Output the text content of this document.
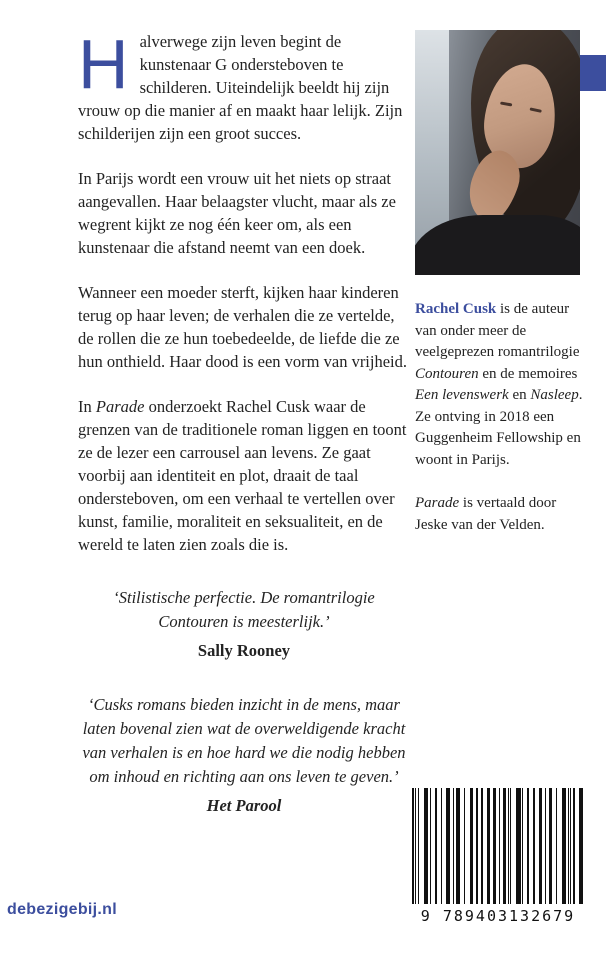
Halverwege zijn leven begint de kunstenaar G ondersteboven te schilderen. Uiteindelijk beeldt hij zijn vrouw op die manier af en maakt haar lelijk. Zijn schilderijen zijn een groot succes.

In Parijs wordt een vrouw uit het niets op straat aangevallen. Haar belaagster vlucht, maar als ze wegrent kijkt ze nog één keer om, als een kunstenaar die afstand neemt van een doek.

Wanneer een moeder sterft, kijken haar kinderen terug op haar leven; de verhalen die ze vertelde, de rollen die ze hun toebedeelde, de liefde die ze hun onthield. Haar dood is een vorm van vrijheid.

In Parade onderzoekt Rachel Cusk waar de grenzen van de traditionele roman liggen en toont ze de lezer een carrousel aan levens. Ze gaat voorbij aan identiteit en plot, draait de taal ondersteboven, om een verhaal te vertellen over kunst, familie, moraliteit en seksualiteit, en de wereld te laten zien zoals die is.

‘Stilistische perfectie. De romantrilogie Contouren is meesterlijk.’

Sally Rooney

‘Cusks romans bieden inzicht in de mens, maar laten bovenal zien wat de overweldigende kracht van verhalen is en hoe hard we die nodig hebben om inhoud en richting aan ons leven te geven.’

Het Parool

Rachel Cusk is de auteur van onder meer de veelgeprezen romantrilogie Contouren en de memoires Een levenswerk en Nasleep. Ze ontving in 2018 een Guggenheim Fellowship en woont in Parijs.

Parade is vertaald door Jeske van der Velden.

9 789403132679
debezigebij.nl
